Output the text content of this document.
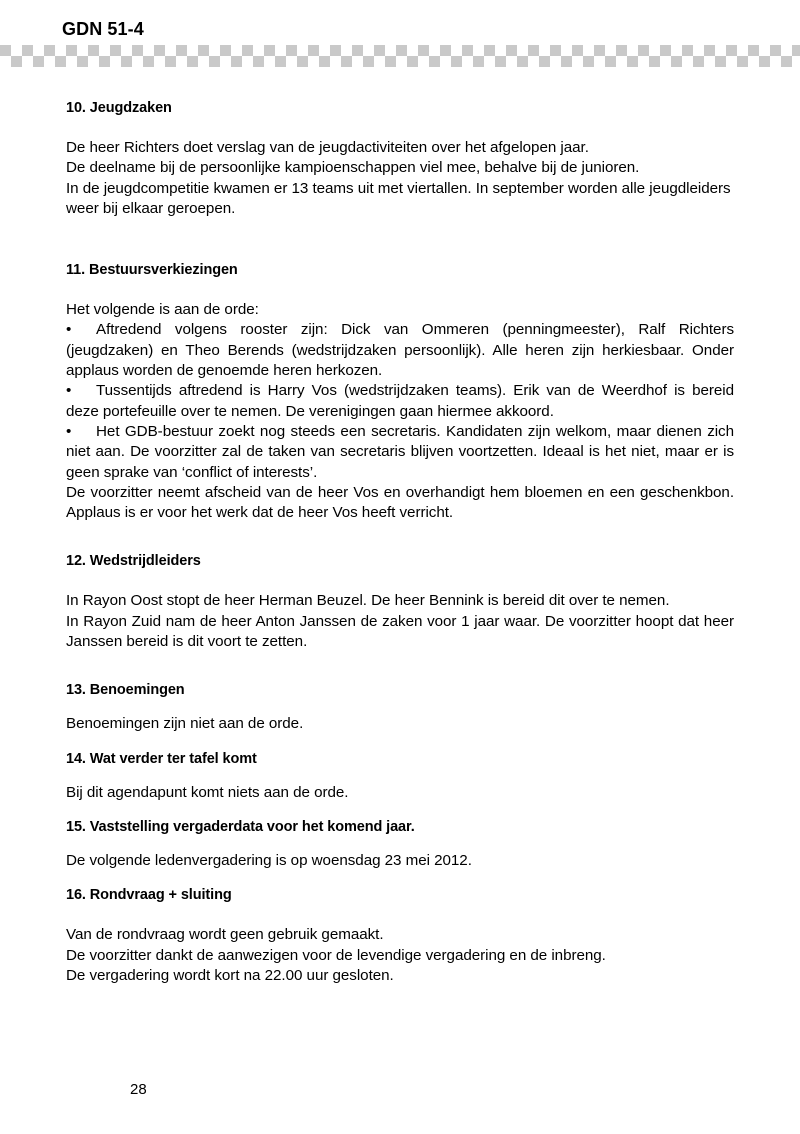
GDN 51-4
10. Jeugdzaken

De heer Richters doet verslag van de jeugdactiviteiten over het afgelopen jaar.

De deelname bij de persoonlijke kampioenschappen viel mee, behalve bij de junioren.

In de jeugdcompetitie kwamen er 13 teams uit met viertallen. In september worden alle jeugdleiders weer bij elkaar geroepen.

11. Bestuursverkiezingen

Het volgende is aan de orde:

• Aftredend volgens rooster zijn: Dick van Ommeren (penningmeester), Ralf Richters (jeugdzaken) en Theo Berends (wedstrijdzaken persoonlijk). Alle heren zijn herkiesbaar. Onder applaus worden de genoemde heren herkozen.

• Tussentijds aftredend is Harry Vos (wedstrijdzaken teams). Erik van de Weerdhof is bereid deze portefeuille over te nemen. De verenigingen gaan hiermee akkoord.

• Het GDB-bestuur zoekt nog steeds een secretaris. Kandidaten zijn welkom, maar dienen zich niet aan. De voorzitter zal de taken van secretaris blijven voortzetten. Ideaal is het niet, maar er is geen sprake van ‘conflict of interests’.

De voorzitter neemt afscheid van de heer Vos en overhandigt hem bloemen en een geschenkbon. Applaus is er voor het werk dat de heer Vos heeft verricht.

12. Wedstrijdleiders

In Rayon Oost stopt de heer Herman Beuzel. De heer Bennink is bereid dit over te nemen.

In Rayon Zuid nam de heer Anton Janssen de zaken voor 1 jaar waar. De voorzitter hoopt dat heer Janssen bereid is dit voort te zetten.

13. Benoemingen

Benoemingen zijn niet aan de orde.

14. Wat verder ter tafel komt

Bij dit agendapunt komt niets aan de orde.

15. Vaststelling vergaderdata voor het komend jaar.

De volgende ledenvergadering is op woensdag 23 mei 2012.

16. Rondvraag + sluiting

Van de rondvraag wordt geen gebruik gemaakt.

De voorzitter dankt de aanwezigen voor de levendige vergadering en de inbreng.

De vergadering wordt kort na 22.00 uur gesloten.

28
